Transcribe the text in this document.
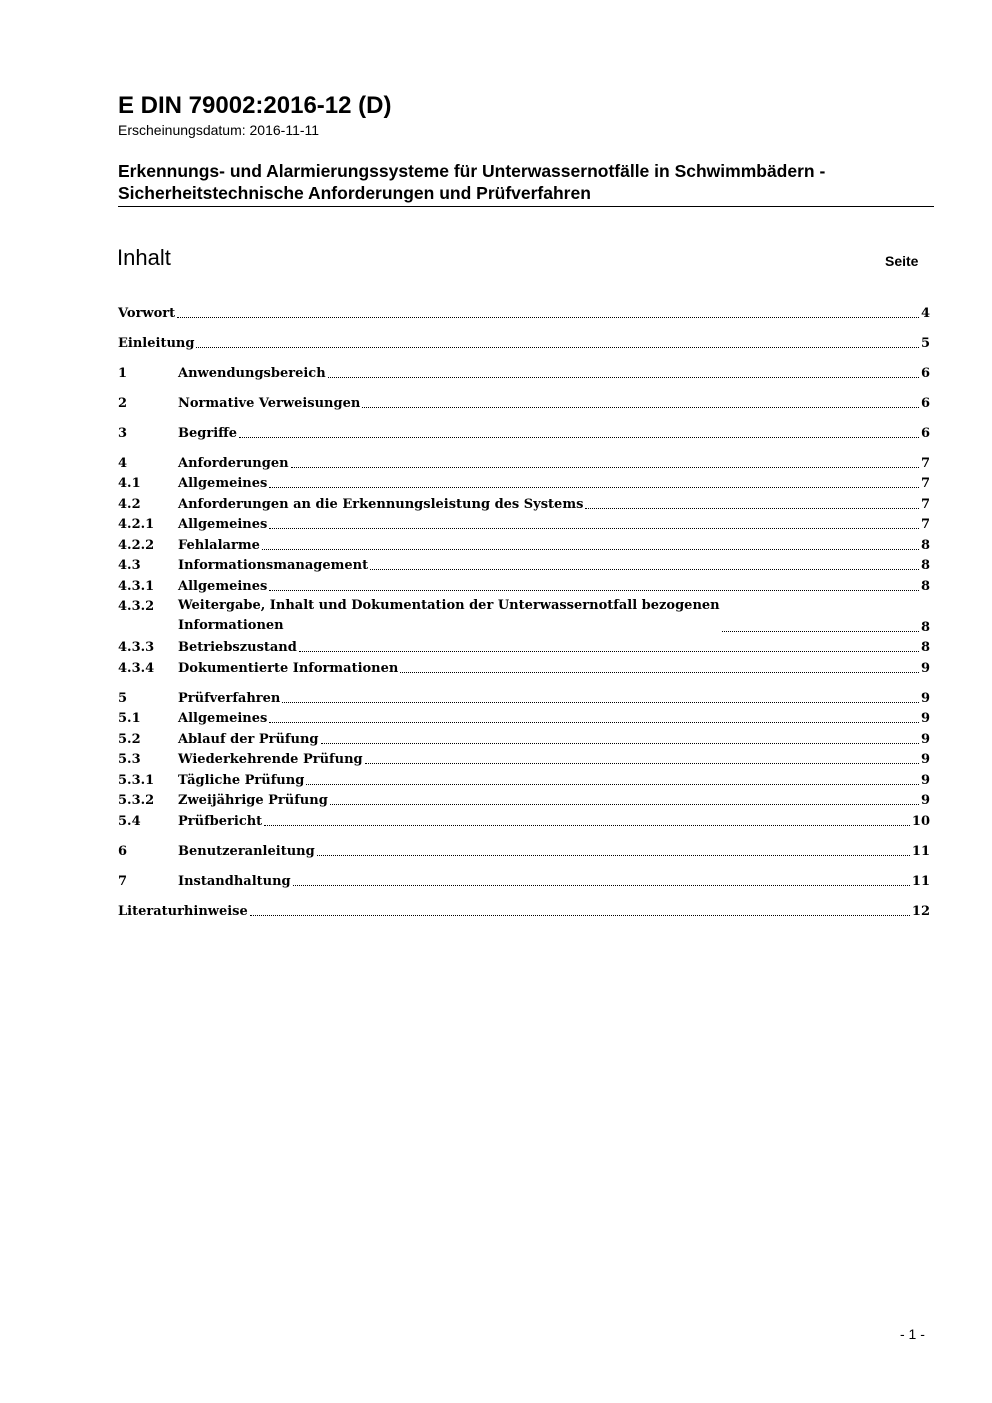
E DIN 79002:2016-12 (D)
Erscheinungsdatum: 2016-11-11
Erkennungs- und Alarmierungssysteme für Unterwassernotfälle in Schwimmbädern -
Sicherheitstechnische Anforderungen und Prüfverfahren
Inhalt	Seite
Vorwort	4
Einleitung	5
1	Anwendungsbereich	6
2	Normative Verweisungen	6
3	Begriffe	6
4	Anforderungen	7
4.1	Allgemeines	7
4.2	Anforderungen an die Erkennungsleistung des Systems	7
4.2.1	Allgemeines	7
4.2.2	Fehlalarme	8
4.3	Informationsmanagement	8
4.3.1	Allgemeines	8
4.3.2	Weitergabe, Inhalt und Dokumentation der Unterwassernotfall bezogenen
Informationen	8
4.3.3	Betriebszustand	8
4.3.4	Dokumentierte Informationen	9
5	Prüfverfahren	9
5.1	Allgemeines	9
5.2	Ablauf der Prüfung	9
5.3	Wiederkehrende Prüfung	9
5.3.1	Tägliche Prüfung	9
5.3.2	Zweijährige Prüfung	9
5.4	Prüfbericht	10
6	Benutzeranleitung	11
7	Instandhaltung	11
Literaturhinweise	12
- 1 -
